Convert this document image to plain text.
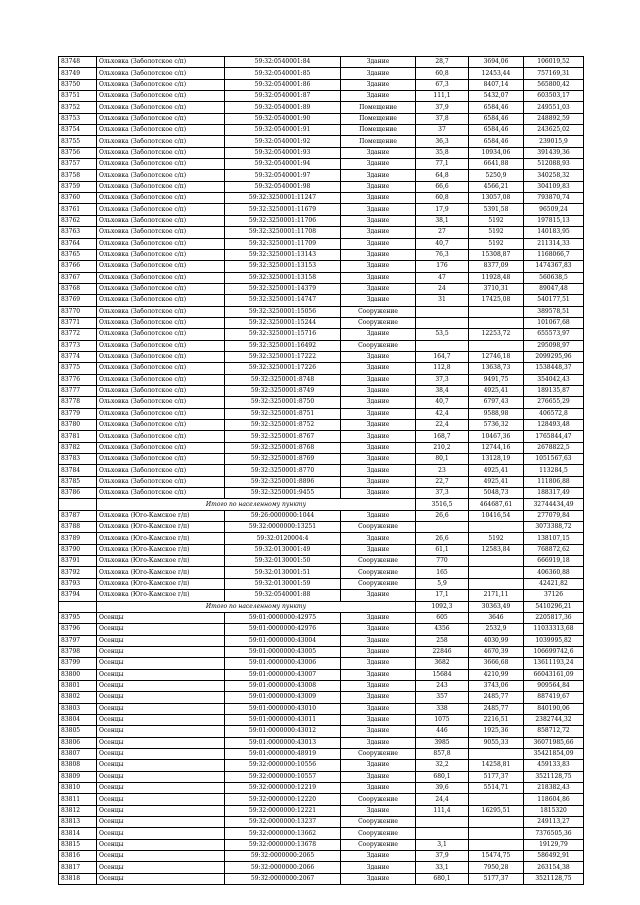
83748	Ольховка (Заболотское с/п)	59:32:0540001:84	Здание	28,7	3694,06	106019,52
83749	Ольховка (Заболотское с/п)	59:32:0540001:85	Здание	60,8	12453,44	757169,31
83750	Ольховка (Заболотское с/п)	59:32:0540001:86	Здание	67,3	8407,14	565800,42
83751	Ольховка (Заболотское с/п)	59:32:0540001:87	Здание	111,1	5432,07	603503,17
83752	Ольховка (Заболотское с/п)	59:32:0540001:89	Помещение	37,9	6584,46	249551,03
83753	Ольховка (Заболотское с/п)	59:32:0540001:90	Помещение	37,8	6584,46	248892,59
83754	Ольховка (Заболотское с/п)	59:32:0540001:91	Помещение	37	6584,46	243625,02
83755	Ольховка (Заболотское с/п)	59:32:0540001:92	Помещение	36,3	6584,46	239015,9
83756	Ольховка (Заболотское с/п)	59:32:0540001:93	Здание	35,8	10934,06	391439,36
83757	Ольховка (Заболотское с/п)	59:32:0540001:94	Здание	77,1	6641,88	512088,93
83758	Ольховка (Заболотское с/п)	59:32:0540001:97	Здание	64,8	5250,9	340258,32
83759	Ольховка (Заболотское с/п)	59:32:0540001:98	Здание	66,6	4566,21	304109,83
83760	Ольховка (Заболотское с/п)	59:32:3250001:11247	Здание	60,8	13057,08	793870,74
83761	Ольховка (Заболотское с/п)	59:32:3250001:11679	Здание	17,9	5391,58	96509,24
83762	Ольховка (Заболотское с/п)	59:32:3250001:11706	Здание	38,1	5192	197815,13
83763	Ольховка (Заболотское с/п)	59:32:3250001:11708	Здание	27	5192	140183,95
83764	Ольховка (Заболотское с/п)	59:32:3250001:11709	Здание	40,7	5192	211314,33
83765	Ольховка (Заболотское с/п)	59:32:3250001:13143	Здание	76,3	15308,87	1168066,7
83766	Ольховка (Заболотское с/п)	59:32:3250001:13153	Здание	176	8377,09	1474367,83
83767	Ольховка (Заболотское с/п)	59:32:3250001:13158	Здание	47	11928,48	560638,5
83768	Ольховка (Заболотское с/п)	59:32:3250001:14379	Здание	24	3710,31	89047,48
83769	Ольховка (Заболотское с/п)	59:32:3250001:14747	Здание	31	17425,08	540177,51
83770	Ольховка (Заболотское с/п)	59:32:3250001:15056	Сооружение			389578,51
83771	Ольховка (Заболотское с/п)	59:32:3250001:15244	Сооружение			101067,68
83772	Ольховка (Заболотское с/п)	59:32:3250001:15716	Здание	53,5	12253,72	655573,97
83773	Ольховка (Заболотское с/п)	59:32:3250001:16492	Сооружение			295098,97
83774	Ольховка (Заболотское с/п)	59:32:3250001:17222	Здание	164,7	12746,18	2099295,96
83775	Ольховка (Заболотское с/п)	59:32:3250001:17226	Здание	112,8	13638,73	1538448,37
83776	Ольховка (Заболотское с/п)	59:32:3250001:8748	Здание	37,3	9491,75	354042,43
83777	Ольховка (Заболотское с/п)	59:32:3250001:8749	Здание	38,4	4925,41	189135,87
83778	Ольховка (Заболотское с/п)	59:32:3250001:8750	Здание	40,7	6797,43	276655,29
83779	Ольховка (Заболотское с/п)	59:32:3250001:8751	Здание	42,4	9588,98	406572,8
83780	Ольховка (Заболотское с/п)	59:32:3250001:8752	Здание	22,4	5736,32	128493,48
83781	Ольховка (Заболотское с/п)	59:32:3250001:8767	Здание	168,7	10467,36	1765844,47
83782	Ольховка (Заболотское с/п)	59:32:3250001:8768	Здание	210,2	12744,16	2678822,5
83783	Ольховка (Заболотское с/п)	59:32:3250001:8769	Здание	80,1	13128,19	1051567,63
83784	Ольховка (Заболотское с/п)	59:32:3250001:8770	Здание	23	4925,41	113284,5
83785	Ольховка (Заболотское с/п)	59:32:3250001:8896	Здание	22,7	4925,41	111806,88
83786	Ольховка (Заболотское с/п)	59:32:3250001:9455	Здание	37,3	5048,73	188317,49
	Итого по населенному пункту			3516,5	464687,61	32744434,49
83787	Ольховка (Юго-Камское г/п)	59:26:0000000:1044	Здание	26,6	10416,54	277079,84
83788	Ольховка (Юго-Камское г/п)	59:32:0000000:13251	Сооружение			3073388,72
83789	Ольховка (Юго-Камское г/п)	59:32:0120004:4	Здание	26,6	5192	138107,15
83790	Ольховка (Юго-Камское г/п)	59:32:0130001:49	Здание	61,1	12583,84	768872,62
83791	Ольховка (Юго-Камское г/п)	59:32:0130001:50	Сооружение	770		666919,18
83792	Ольховка (Юго-Камское г/п)	59:32:0130001:51	Сооружение	165		406360,88
83793	Ольховка (Юго-Камское г/п)	59:32:0130001:59	Сооружение	5,9		42421,82
83794	Ольховка (Юго-Камское г/п)	59:32:0540001:88	Здание	17,1	2171,11	37126
	Итого по населенному пункту			1092,3	30363,49	5410296,21
83795	Осенцы	59:01:0000000:42975	Здание	605	3646	2205817,36
83796	Осенцы	59:01:0000000:42976	Здание	4356	2532,9	11033313,68
83797	Осенцы	59:01:0000000:43004	Здание	258	4030,99	1039995,82
83798	Осенцы	59:01:0000000:43005	Здание	22846	4670,39	106699742,6
83799	Осенцы	59:01:0000000:43006	Здание	3682	3666,68	13611193,24
83800	Осенцы	59:01:0000000:43007	Здание	15684	4210,99	66043161,09
83801	Осенцы	59:01:0000000:43008	Здание	243	3743,06	909564,84
83802	Осенцы	59:01:0000000:43009	Здание	357	2485,77	887419,67
83803	Осенцы	59:01:0000000:43010	Здание	338	2485,77	840190,06
83804	Осенцы	59:01:0000000:43011	Здание	1075	2216,51	2382744,32
83805	Осенцы	59:01:0000000:43012	Здание	446	1925,36	858712,72
83806	Осенцы	59:01:0000000:43013	Здание	3985	9055,33	36071985,66
83807	Осенцы	59:01:0000000:48919	Сооружение	857,8		35421854,09
83808	Осенцы	59:32:0000000:10556	Здание	32,2	14258,81	459133,83
83809	Осенцы	59:32:0000000:10557	Здание	680,1	5177,37	3521128,75
83810	Осенцы	59:32:0000000:12219	Здание	39,6	5514,71	218382,43
83811	Осенцы	59:32:0000000:12220	Сооружение	24,4		118604,86
83812	Осенцы	59:32:0000000:12221	Здание	111,4	16295,51	1815320
83813	Осенцы	59:32:0000000:13237	Сооружение			249113,27
83814	Осенцы	59:32:0000000:13662	Сооружение			7376505,36
83815	Осенцы	59:32:0000000:13678	Сооружение	3,1		19129,79
83816	Осенцы	59:32:0000000:2065	Здание	37,9	15474,75	586492,91
83817	Осенцы	59:32:0000000:2066	Здание	33,1	7950,28	263154,38
83818	Осенцы	59:32:0000000:2067	Здание	680,1	5177,37	3521128,75
